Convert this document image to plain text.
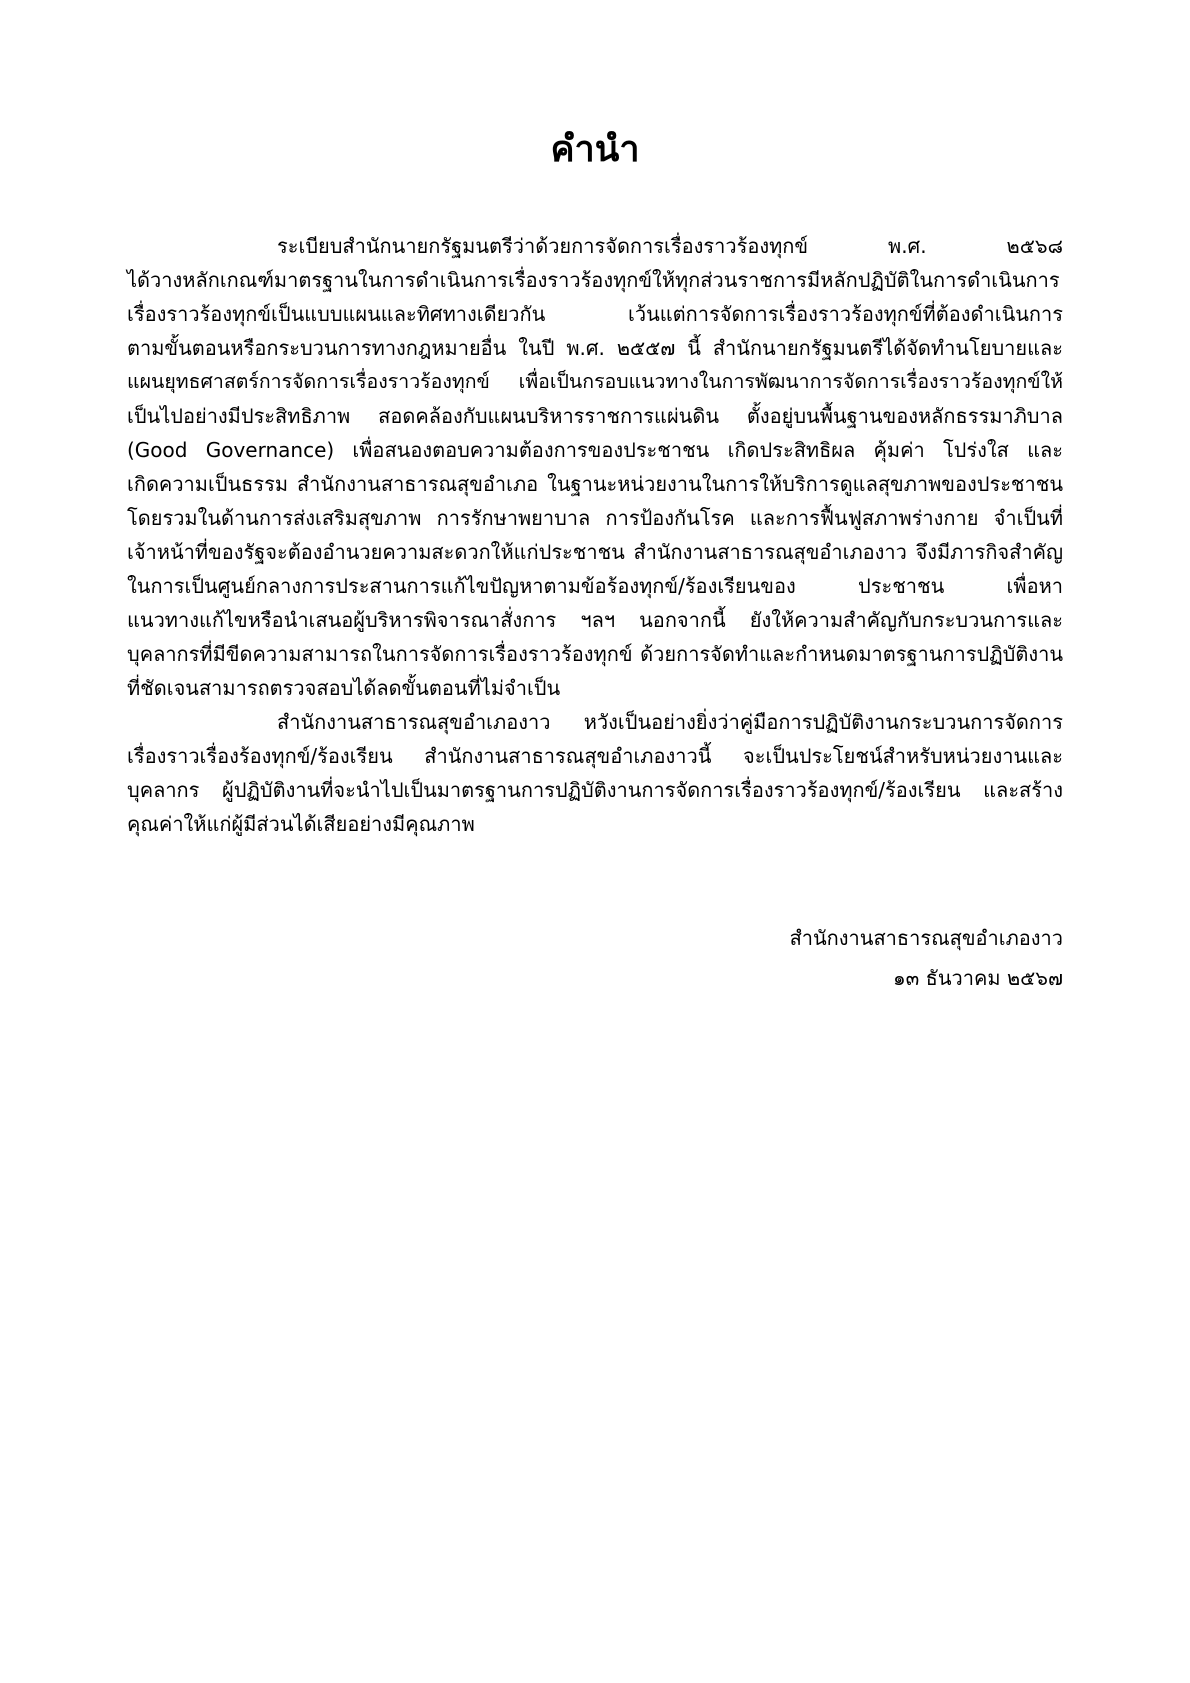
คำนำ
ระเบียบสำนักนายกรัฐมนตรีว่าด้วยการจัดการเรื่องราวร้องทุกข์ พ.ศ. ๒๕๖๘
ได้วางหลักเกณฑ์มาตรฐานในการดำเนินการเรื่องราวร้องทุกข์ให้ทุกส่วนราชการมีหลักปฏิบัติในการดำเนินการ
เรื่องราวร้องทุกข์เป็นแบบแผนและทิศทางเดียวกัน เว้นแต่การจัดการเรื่องราวร้องทุกข์ที่ต้องดำเนินการ
ตามขั้นตอนหรือกระบวนการทางกฎหมายอื่น ในปี พ.ศ. ๒๕๕๗ นี้ สำนักนายกรัฐมนตรีได้จัดทำนโยบายและ
แผนยุทธศาสตร์การจัดการเรื่องราวร้องทุกข์ เพื่อเป็นกรอบแนวทางในการพัฒนาการจัดการเรื่องราวร้องทุกข์ให้
เป็นไปอย่างมีประสิทธิภาพ สอดคล้องกับแผนบริหารราชการแผ่นดิน ตั้งอยู่บนพื้นฐานของหลักธรรมาภิบาล
(Good Governance) เพื่อสนองตอบความต้องการของประชาชน เกิดประสิทธิผล คุ้มค่า โปร่งใส และ
เกิดความเป็นธรรม สำนักงานสาธารณสุขอำเภอ ในฐานะหน่วยงานในการให้บริการดูแลสุขภาพของประชาชน
โดยรวมในด้านการส่งเสริมสุขภาพ การรักษาพยาบาล การป้องกันโรค และการฟื้นฟูสภาพร่างกาย จำเป็นที่
เจ้าหน้าที่ของรัฐจะต้องอำนวยความสะดวกให้แก่ประชาชน สำนักงานสาธารณสุขอำเภองาว จึงมีภารกิจสำคัญ
ในการเป็นศูนย์กลางการประสานการแก้ไขปัญหาตามข้อร้องทุกข์/ร้องเรียนของ ประชาชน เพื่อหา
แนวทางแก้ไขหรือนำเสนอผู้บริหารพิจารณาสั่งการ ฯลฯ นอกจากนี้ ยังให้ความสำคัญกับกระบวนการและ
บุคลากรที่มีขีดความสามารถในการจัดการเรื่องราวร้องทุกข์ ด้วยการจัดทำและกำหนดมาตรฐานการปฏิบัติงาน
ที่ชัดเจนสามารถตรวจสอบได้ลดขั้นตอนที่ไม่จำเป็น
สำนักงานสาธารณสุขอำเภองาว หวังเป็นอย่างยิ่งว่าคู่มือการปฏิบัติงานกระบวนการจัดการ
เรื่องราวเรื่องร้องทุกข์/ร้องเรียน สำนักงานสาธารณสุขอำเภองาวนี้ จะเป็นประโยชน์สำหรับหน่วยงานและ
บุคลากร ผู้ปฏิบัติงานที่จะนำไปเป็นมาตรฐานการปฏิบัติงานการจัดการเรื่องราวร้องทุกข์/ร้องเรียน และสร้าง
คุณค่าให้แก่ผู้มีส่วนได้เสียอย่างมีคุณภาพ
สำนักงานสาธารณสุขอำเภองาว
๑๓ ธันวาคม ๒๕๖๗
